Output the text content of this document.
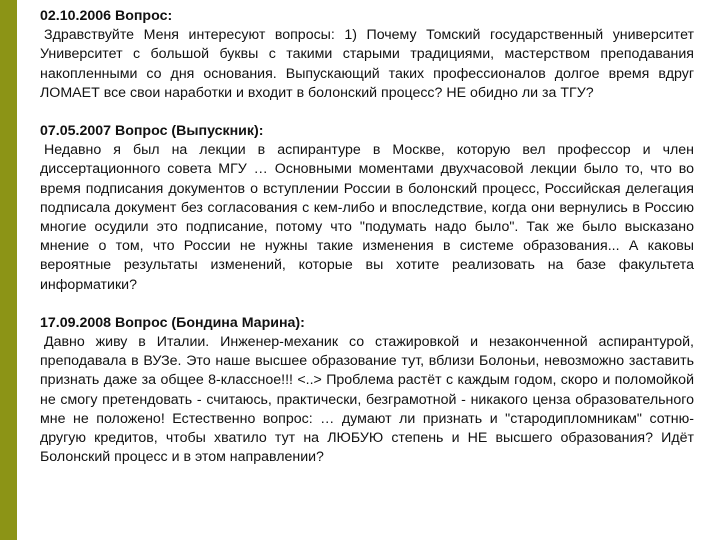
02.10.2006 Вопрос:

Здравствуйте Меня интересуют вопросы: 1) Почему Томский государственный университет Университет с большой буквы с такими старыми традициями, мастерством преподавания накопленными со дня основания. Выпускающий таких профессионалов долгое время вдруг ЛОМАЕТ все свои наработки и входит в болонский процесс? НЕ обидно ли за ТГУ?

07.05.2007 Вопрос (Выпускник):

Недавно я был на лекции в аспирантуре в Москве, которую вел профессор и член диссертационного совета МГУ … Основными моментами двухчасовой лекции было то, что во время подписания документов о вступлении России в болонский процесс, Российская делегация подписала документ без согласования с кем-либо и впоследствие, когда они вернулись в Россию многие осудили это подписание, потому что "подумать надо было". Так же было высказано мнение о том, что России не нужны такие изменения в системе образования... А каковы вероятные результаты изменений, которые вы хотите реализовать на базе факультета информатики?

17.09.2008 Вопрос (Бондина Марина):

Давно живу в Италии. Инженер-механик со стажировкой и незаконченной аспирантурой, преподавала в ВУЗе. Это наше высшее образование тут, вблизи Болоньи, невозможно заставить признать даже за общее 8-классное!!! <..> Проблема растёт с каждым годом, скоро и поломойкой не смогу претендовать - считаюсь, практически, безграмотной - никакого ценза образовательного мне не положено! Естественно вопрос: … думают ли признать и "стародипломникам" сотню-другую кредитов, чтобы хватило тут на ЛЮБУЮ степень и НЕ высшего образования? Идёт Болонский процесс и в этом направлении?
